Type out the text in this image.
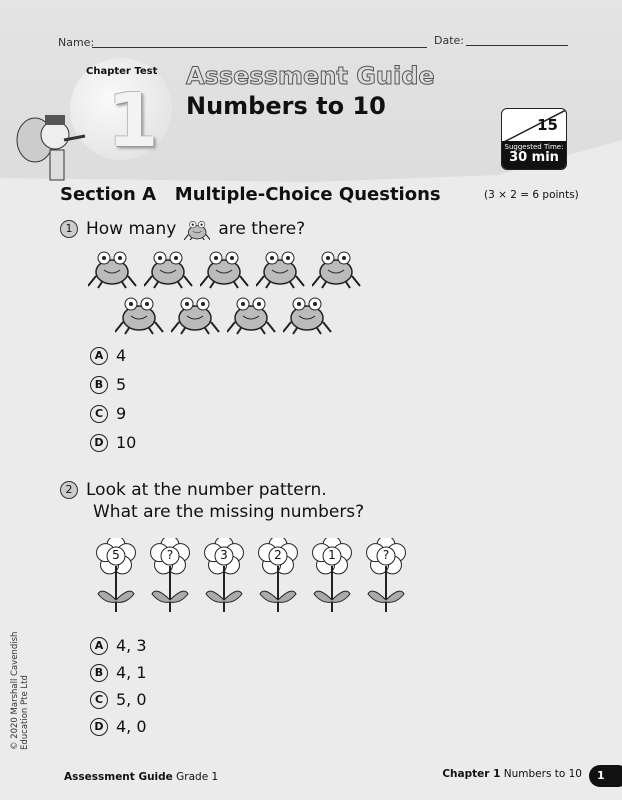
Name:	Date:
Chapter Test
1
Assessment Guide
Numbers to 10
15
Suggested Time:
30 min
Section A   Multiple-Choice Questions	(3 × 2 = 6 points)
1 How many are there?
A 4
B 5
C 9
D 10
2 Look at the number pattern.
What are the missing numbers?
5	?	3	2	1	?
A 4, 3
B 4, 1
C 5, 0
D 4, 0
© 2020 Marshall Cavendish Education Pte Ltd
Assessment Guide Grade 1	Chapter 1 Numbers to 10	1
